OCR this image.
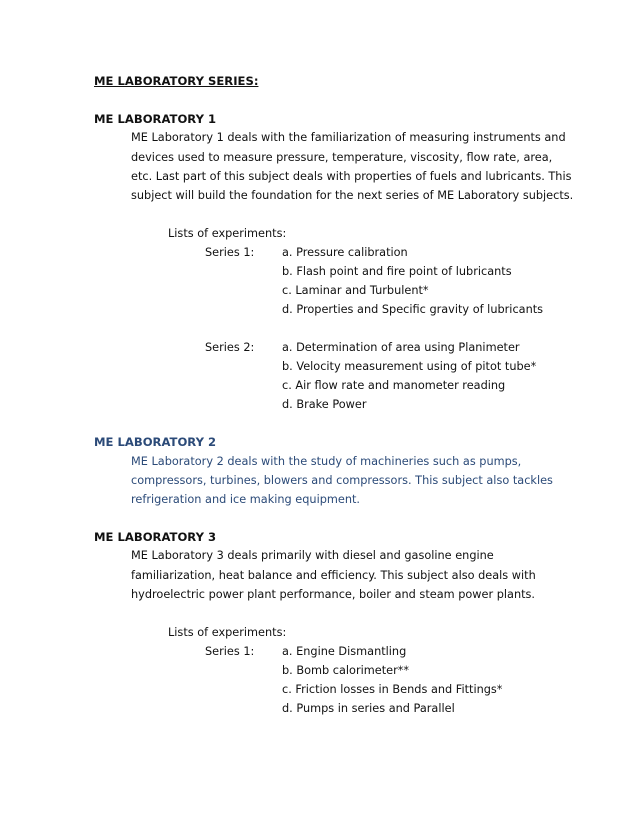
ME LABORATORY SERIES:
ME LABORATORY 1
ME Laboratory 1 deals with the familiarization of measuring instruments and
devices used to measure pressure, temperature, viscosity, flow rate, area,
etc. Last part of this subject deals with properties of fuels and lubricants. This
subject will build the foundation for the next series of ME Laboratory subjects.
Lists of experiments:
Series 1: a. Pressure calibration
b. Flash point and fire point of lubricants
c. Laminar and Turbulent*
d. Properties and Specific gravity of lubricants
Series 2: a. Determination of area using Planimeter
b. Velocity measurement using of pitot tube*
c. Air flow rate and manometer reading
d. Brake Power
ME LABORATORY 2
ME Laboratory 2 deals with the study of machineries such as pumps,
compressors, turbines, blowers and compressors. This subject also tackles
refrigeration and ice making equipment.
ME LABORATORY 3
ME Laboratory 3 deals primarily with diesel and gasoline engine
familiarization, heat balance and efficiency. This subject also deals with
hydroelectric power plant performance, boiler and steam power plants.
Lists of experiments:
Series 1: a. Engine Dismantling
b. Bomb calorimeter**
c. Friction losses in Bends and Fittings*
d. Pumps in series and Parallel
